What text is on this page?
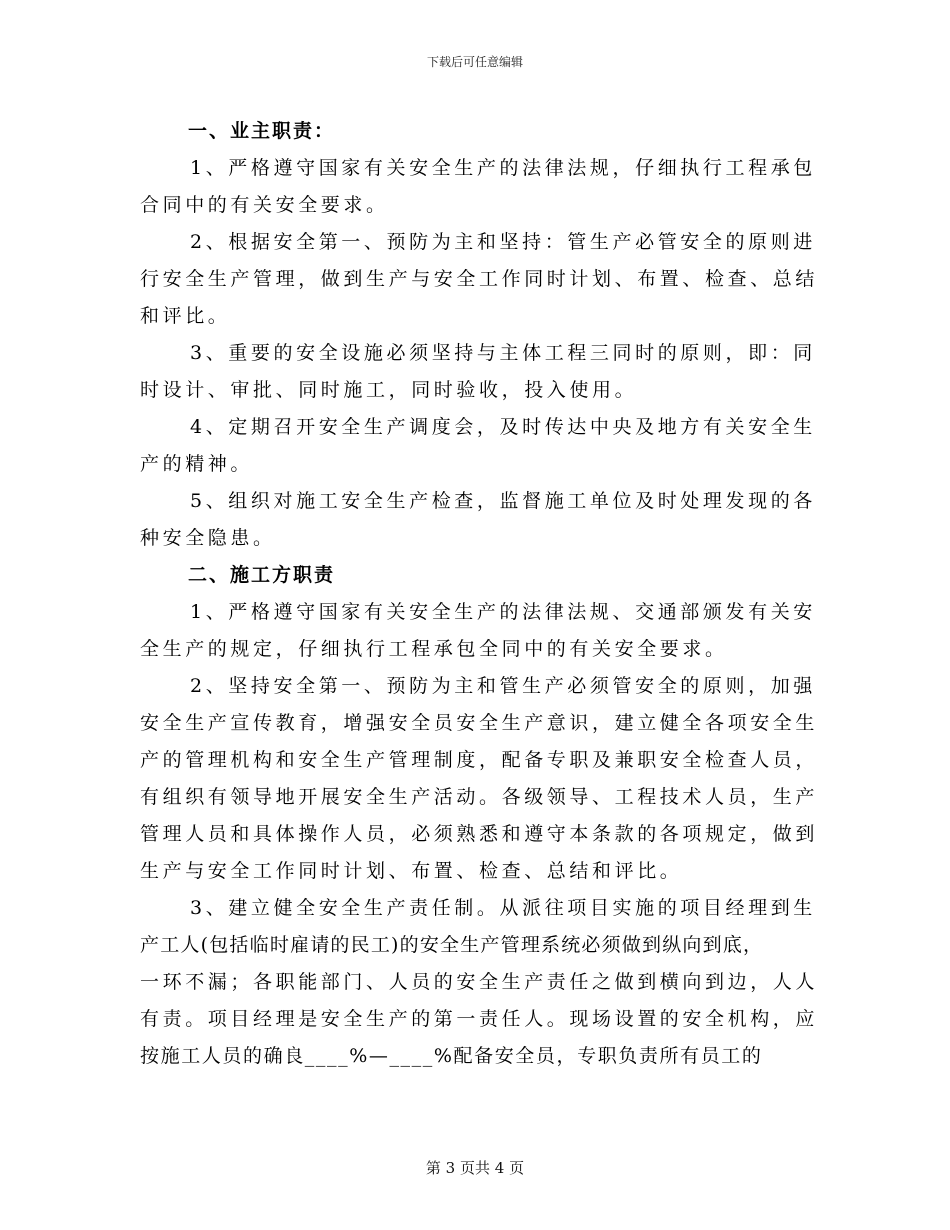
下载后可任意编辑
一、业主职责：
1、严格遵守国家有关安全生产的法律法规，仔细执行工程承包
合同中的有关安全要求。
2、根据安全第一、预防为主和坚持：管生产必管安全的原则进
行安全生产管理，做到生产与安全工作同时计划、布置、检查、总结
和评比。
3、重要的安全设施必须坚持与主体工程三同时的原则，即：同
时设计、审批、同时施工，同时验收，投入使用。
4、定期召开安全生产调度会，及时传达中央及地方有关安全生
产的精神。
5、组织对施工安全生产检查，监督施工单位及时处理发现的各
种安全隐患。
二、施工方职责
1、严格遵守国家有关安全生产的法律法规、交通部颁发有关安
全生产的规定，仔细执行工程承包全同中的有关安全要求。
2、坚持安全第一、预防为主和管生产必须管安全的原则，加强
安全生产宣传教育，增强安全员安全生产意识，建立健全各项安全生
产的管理机构和安全生产管理制度，配备专职及兼职安全检查人员，
有组织有领导地开展安全生产活动。各级领导、工程技术人员，生产
管理人员和具体操作人员，必须熟悉和遵守本条款的各项规定，做到
生产与安全工作同时计划、布置、检查、总结和评比。
3、建立健全安全生产责任制。从派往项目实施的项目经理到生
产工人(包括临时雇请的民工)的安全生产管理系统必须做到纵向到底，
一环不漏；各职能部门、人员的安全生产责任之做到横向到边，人人
有责。项目经理是安全生产的第一责任人。现场设置的安全机构，应
按施工人员的确良____%—____%配备安全员，专职负责所有员工的
第 3 页共 4 页
